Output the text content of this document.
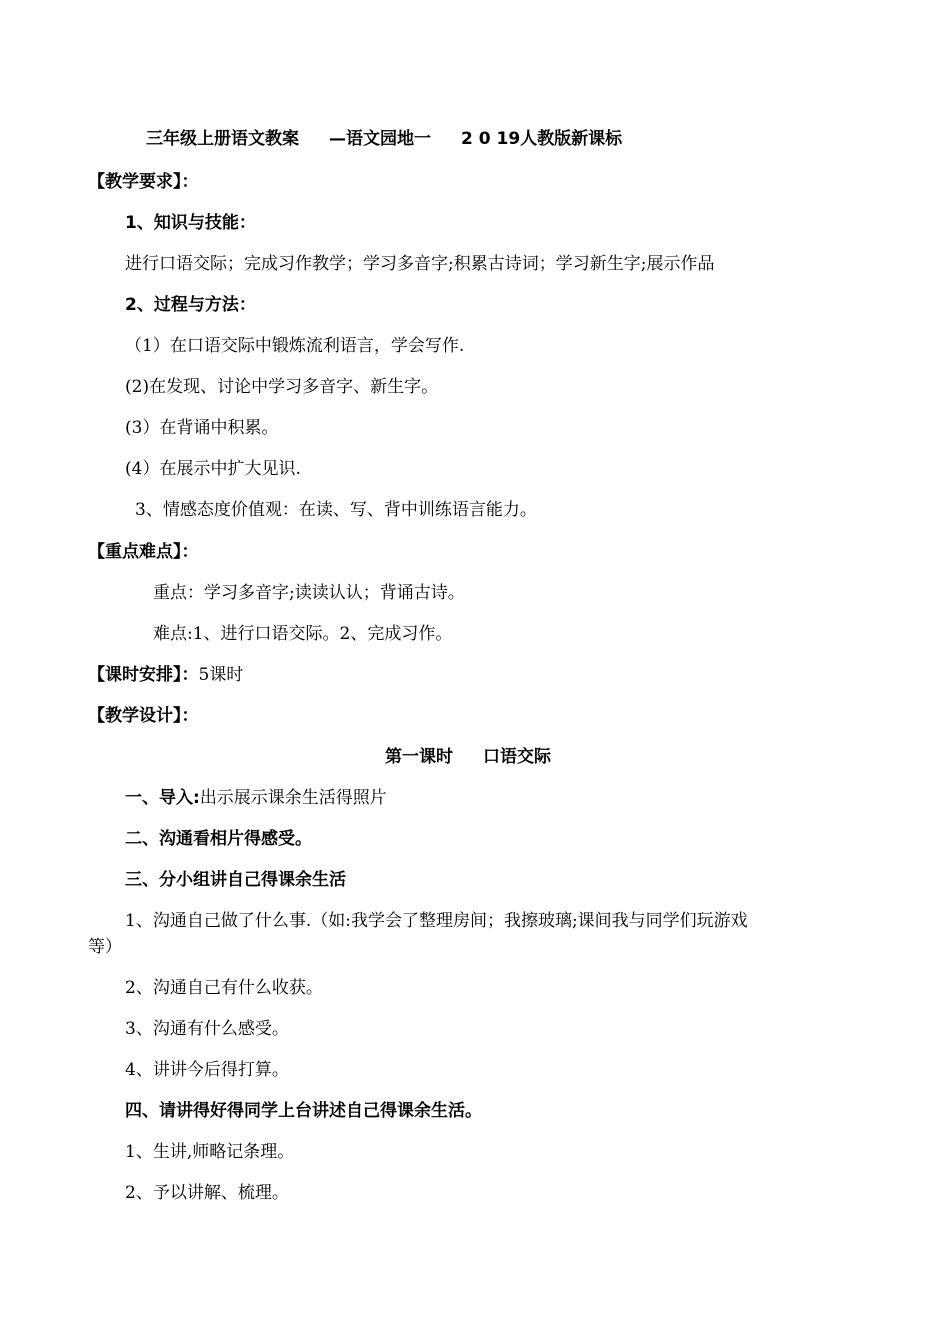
三年级上册语文教案 —语文园地一 2 0 19人教版新课标
【教学要求】：
1、知识与技能：
进行口语交际；完成习作教学；学习多音字;积累古诗词；学习新生字;展示作品
2、过程与方法：
（1）在口语交际中锻炼流利语言，学会写作.
(2)在发现、讨论中学习多音字、新生字。
(3）在背诵中积累。
(4）在展示中扩大见识.
3、情感态度价值观：在读、写、背中训练语言能力。
【重点难点】：
重点：学习多音字;读读认认；背诵古诗。
难点:1、进行口语交际。2、完成习作。
【课时安排】：5课时
【教学设计】：
第一课时 口语交际
一、导入:出示展示课余生活得照片
二、沟通看相片得感受。
三、分小组讲自己得课余生活
1、沟通自己做了什么事.（如:我学会了整理房间；我擦玻璃;课间我与同学们玩游戏
等）
2、沟通自己有什么收获。
3、沟通有什么感受。
4、讲讲今后得打算。
四、请讲得好得同学上台讲述自己得课余生活。
1、生讲,师略记条理。
2、予以讲解、梳理。
